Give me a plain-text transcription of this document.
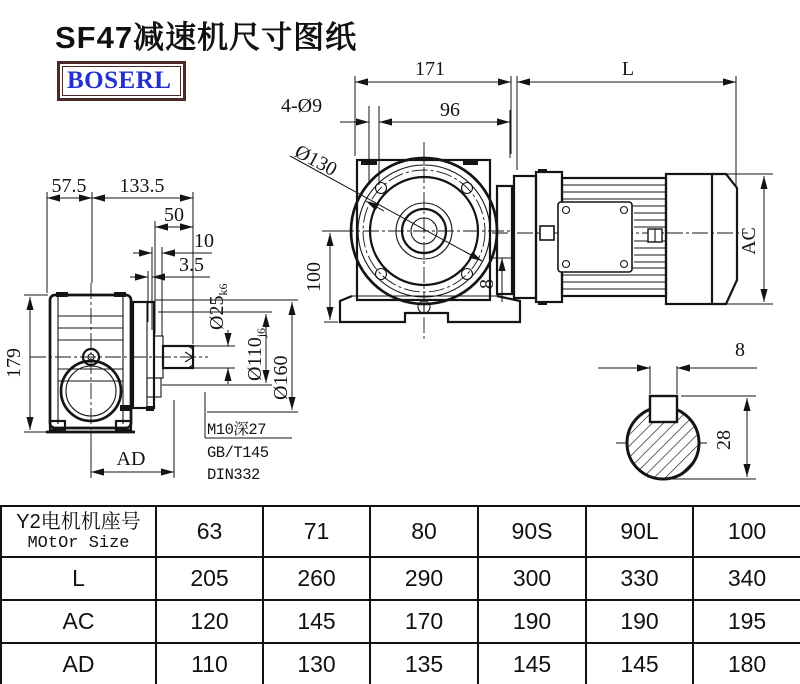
SF47减速机尺寸图纸
BOSERL
179
57.5 133.5
50
10
3.5
AD
$Ø25_{k6}$
$Ø110_{j6}$
Ø160
M10深27
GB/T145
DIN332
171	L
4-Ø9	96
Ø130
100	8
AC
8
28
Y2电机机座号
MOtOr Size	63	71	80	90S	90L	100
L	205	260	290	300	330	340
AC	120	145	170	190	190	195
AD	110	130	135	145	145	180
